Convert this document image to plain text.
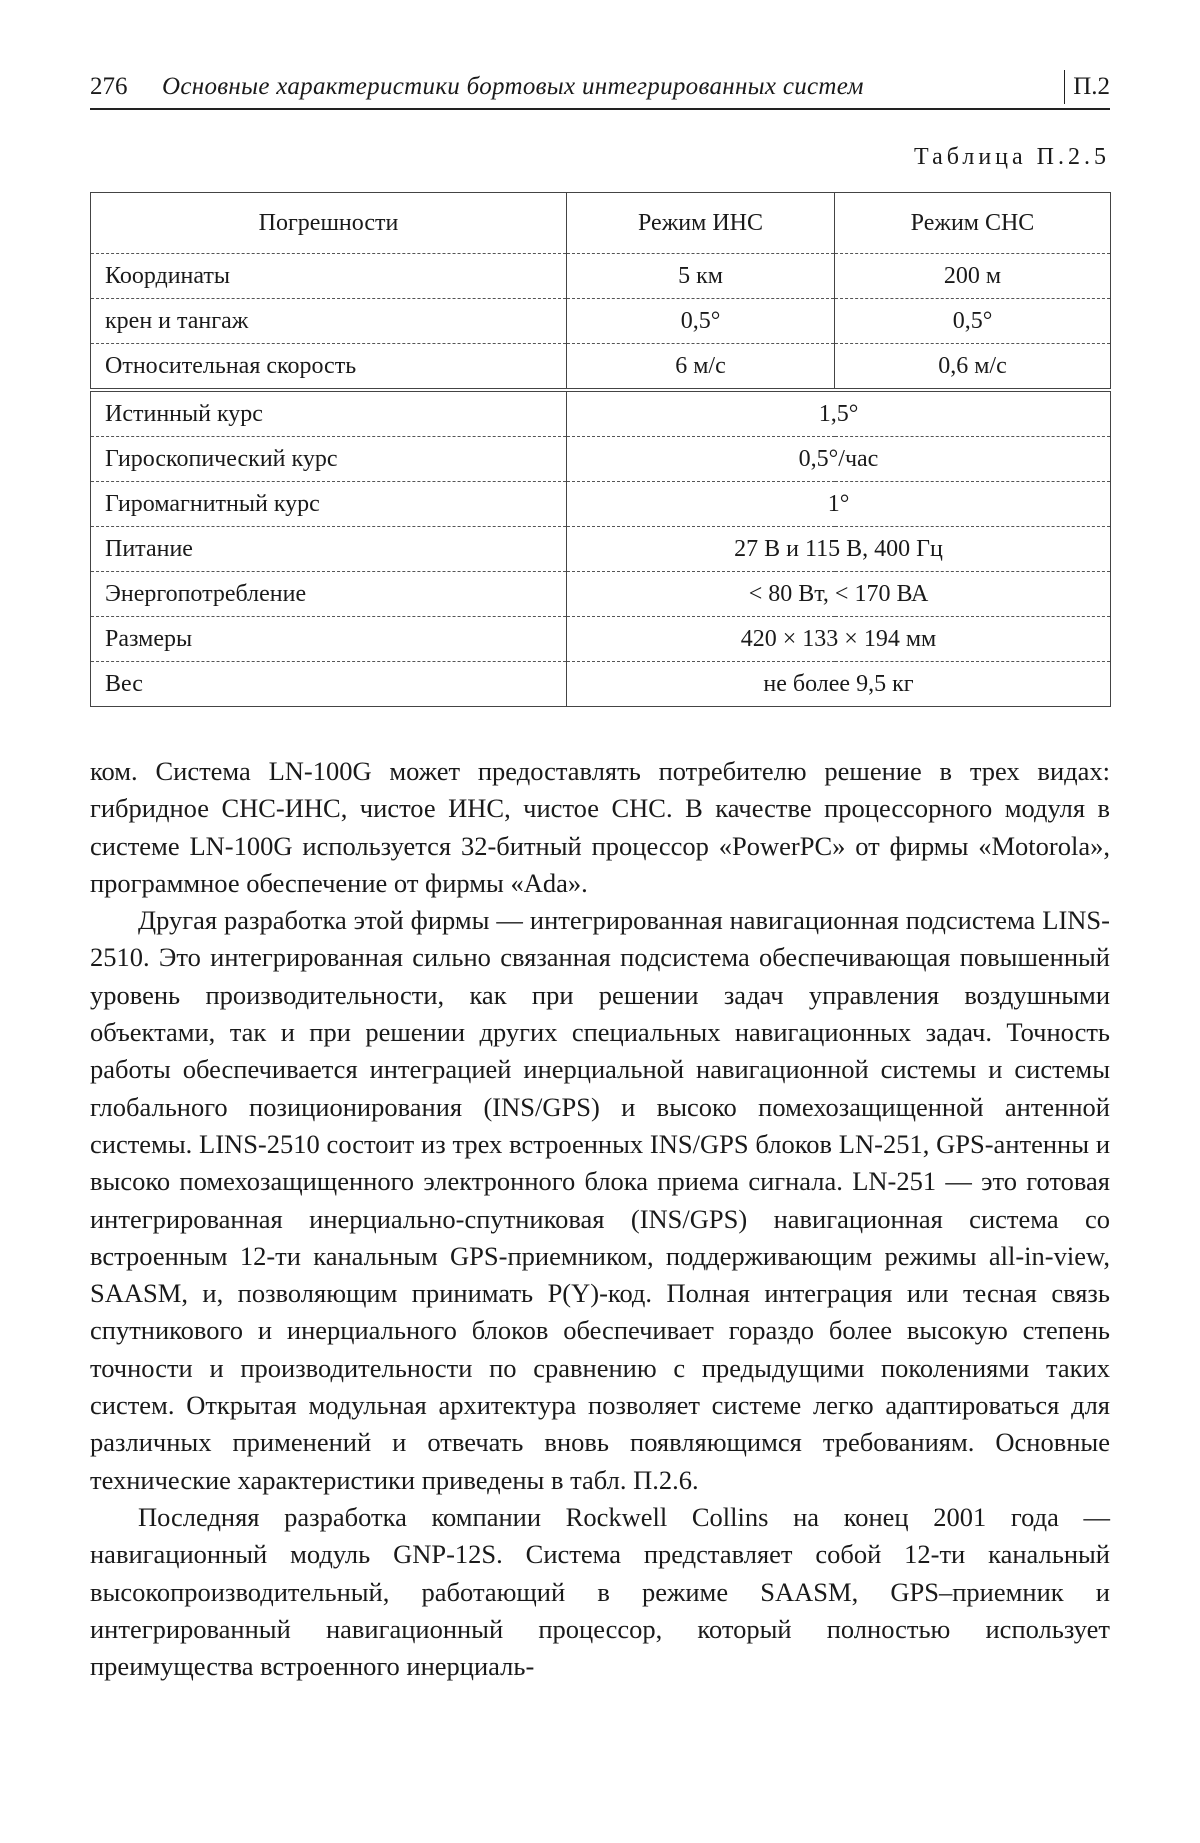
276 Основные характеристики бортовых интегрированных систем	П.2
Таблица П.2.5
Погрешности	Режим ИНС	Режим СНС
Координаты	5 км	200 м
крен и тангаж	0,5°	0,5°
Относительная скорость	6 м/с	0,6 м/с
Истинный курс	1,5°	
Гироскопический курс	0,5°/час	
Гиромагнитный курс	1°	
Питание	27 В и 115 В, 400 Гц	
Энергопотребление	< 80 Вт, < 170 ВА	
Размеры	420 × 133 × 194 мм	
Вес	не более 9,5 кг	

ком. Система LN-100G может предоставлять потребителю решение в трех видах: гибридное СНС-ИНС, чистое ИНС, чистое СНС. В качестве процессорного модуля в системе LN-100G используется 32-битный процессор «PowerPC» от фирмы «Motorola», программное обеспечение от фирмы «Ada».

Другая разработка этой фирмы — интегрированная навигационная подсистема LINS-2510. Это интегрированная сильно связанная подсистема обеспечивающая повышенный уровень производительности, как при решении задач управления воздушными объектами, так и при решении других специальных навигационных задач. Точность работы обеспечивается интеграцией инерциальной навигационной системы и системы глобального позиционирования (INS/GPS) и высоко помехозащищенной антенной системы. LINS-2510 состоит из трех встроенных INS/GPS блоков LN-251, GPS-антенны и высоко помехозащищенного электронного блока приема сигнала. LN-251 — это готовая интегрированная инерциально-спутниковая (INS/GPS) навигационная система со встроенным 12-ти канальным GPS-приемником, поддерживающим режимы all-in-view, SAASM, и, позволяющим принимать P(Y)-код. Полная интеграция или тесная связь спутникового и инерциального блоков обеспечивает гораздо более высокую степень точности и производительности по сравнению с предыдущими поколениями таких систем. Открытая модульная архитектура позволяет системе легко адаптироваться для различных применений и отвечать вновь появляющимся требованиям. Основные технические характеристики приведены в табл. П.2.6.

Последняя разработка компании Rockwell Collins на конец 2001 года — навигационный модуль GNP-12S. Система представляет собой 12-ти канальный высокопроизводительный, работающий в режиме SAASM, GPS–приемник и интегрированный навигационный процессор, который полностью использует преимущества встроенного инерциаль-
